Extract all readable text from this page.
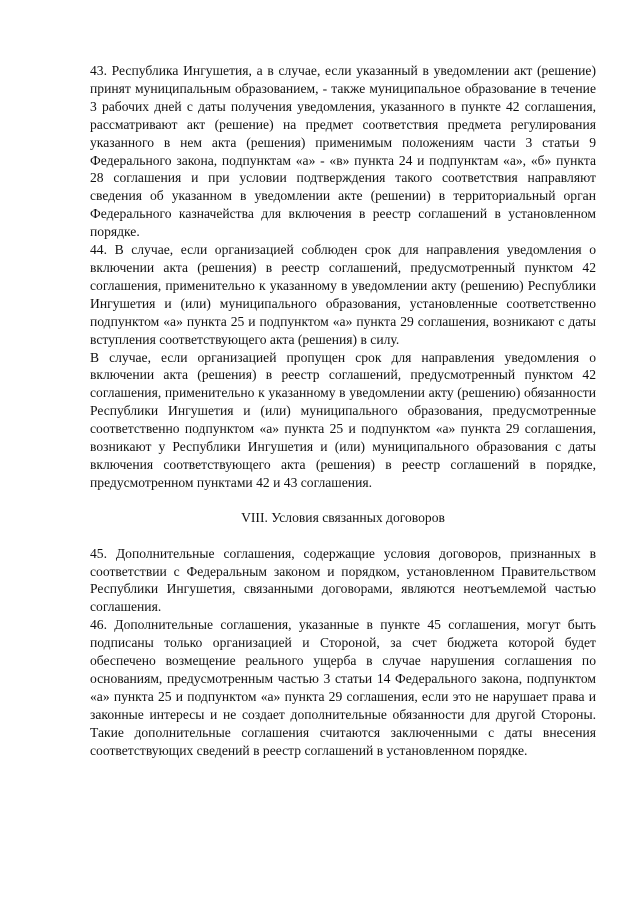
43. Республика Ингушетия, а в случае, если указанный в уведомлении акт (решение) принят муниципальным образованием, - также муниципальное образование в течение 3 рабочих дней с даты получения уведомления, указанного в пункте 42 соглашения, рассматривают акт (решение) на предмет соответствия предмета регулирования указанного в нем акта (решения) применимым положениям части 3 статьи 9 Федерального закона, подпунктам «а» - «в» пункта 24 и подпунктам «а», «б» пункта 28 соглашения и при условии подтверждения такого соответствия направляют сведения об указанном в уведомлении акте (решении) в территориальный орган Федерального казначейства для включения в реестр соглашений в установленном порядке.

44. В случае, если организацией соблюден срок для направления уведомления о включении акта (решения) в реестр соглашений, предусмотренный пунктом 42 соглашения, применительно к указанному в уведомлении акту (решению) Республики Ингушетия и (или) муниципального образования, установленные соответственно подпунктом «а» пункта 25 и подпунктом «а» пункта 29 соглашения, возникают с даты вступления соответствующего акта (решения) в силу.

В случае, если организацией пропущен срок для направления уведомления о включении акта (решения) в реестр соглашений, предусмотренный пунктом 42 соглашения, применительно к указанному в уведомлении акту (решению) обязанности Республики Ингушетия и (или) муниципального образования, предусмотренные соответственно подпунктом «а» пункта 25 и подпунктом «а» пункта 29 соглашения, возникают у Республики Ингушетия и (или) муниципального образования с даты включения соответствующего акта (решения) в реестр соглашений в порядке, предусмотренном пунктами 42 и 43 соглашения.

VIII. Условия связанных договоров

45. Дополнительные соглашения, содержащие условия договоров, признанных в соответствии с Федеральным законом и порядком, установленном Правительством Республики Ингушетия, связанными договорами, являются неотъемлемой частью соглашения.

46. Дополнительные соглашения, указанные в пункте 45 соглашения, могут быть подписаны только организацией и Стороной, за счет бюджета которой будет обеспечено возмещение реального ущерба в случае нарушения соглашения по основаниям, предусмотренным частью 3 статьи 14 Федерального закона, подпунктом «а» пункта 25 и подпунктом «а» пункта 29 соглашения, если это не нарушает права и законные интересы и не создает дополнительные обязанности для другой Стороны. Такие дополнительные соглашения считаются заключенными с даты внесения соответствующих сведений в реестр соглашений в установленном порядке.
